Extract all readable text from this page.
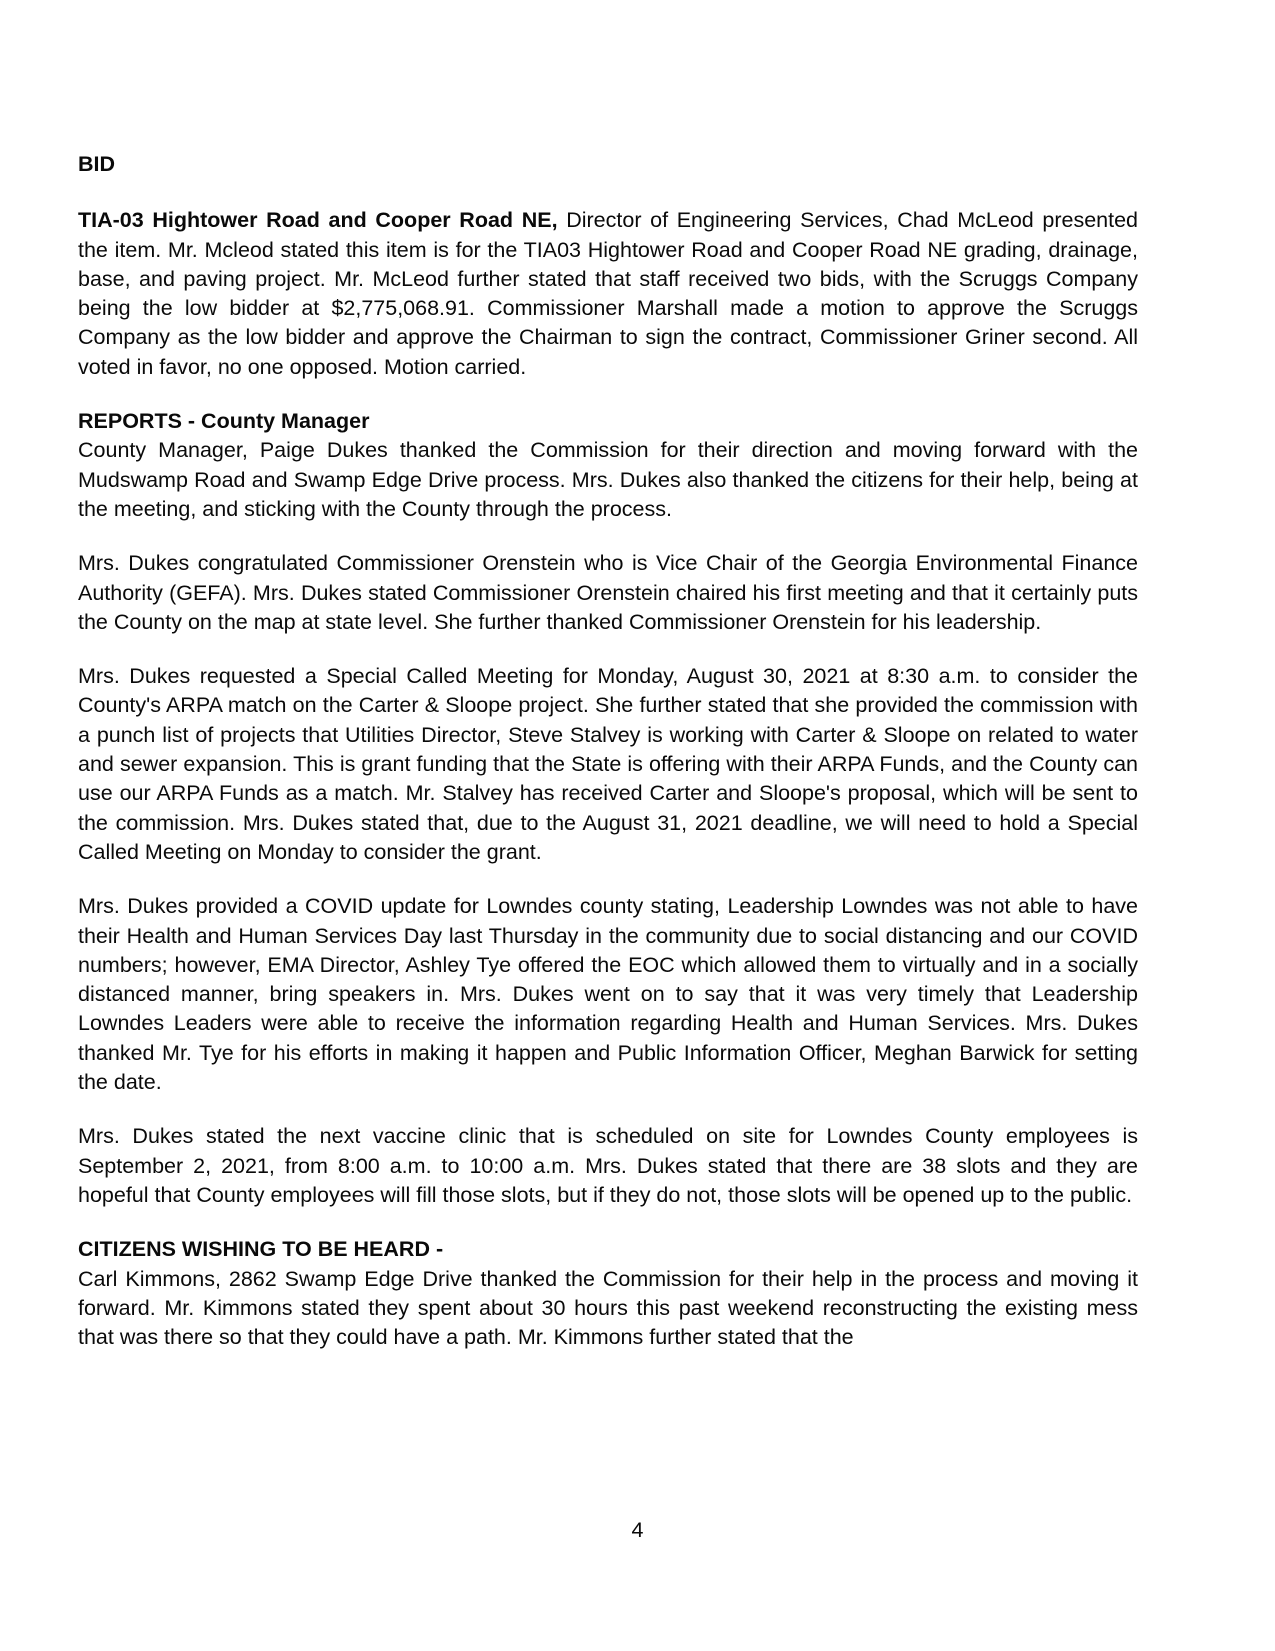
BID

TIA-03 Hightower Road and Cooper Road NE, Director of Engineering Services, Chad McLeod presented the item. Mr. Mcleod stated this item is for the TIA03 Hightower Road and Cooper Road NE grading, drainage, base, and paving project. Mr. McLeod further stated that staff received two bids, with the Scruggs Company being the low bidder at $2,775,068.91. Commissioner Marshall made a motion to approve the Scruggs Company as the low bidder and approve the Chairman to sign the contract, Commissioner Griner second. All voted in favor, no one opposed. Motion carried.

REPORTS - County Manager

County Manager, Paige Dukes thanked the Commission for their direction and moving forward with the Mudswamp Road and Swamp Edge Drive process. Mrs. Dukes also thanked the citizens for their help, being at the meeting, and sticking with the County through the process.

Mrs. Dukes congratulated Commissioner Orenstein who is Vice Chair of the Georgia Environmental Finance Authority (GEFA). Mrs. Dukes stated Commissioner Orenstein chaired his first meeting and that it certainly puts the County on the map at state level. She further thanked Commissioner Orenstein for his leadership.

Mrs. Dukes requested a Special Called Meeting for Monday, August 30, 2021 at 8:30 a.m. to consider the County's ARPA match on the Carter & Sloope project. She further stated that she provided the commission with a punch list of projects that Utilities Director, Steve Stalvey is working with Carter & Sloope on related to water and sewer expansion. This is grant funding that the State is offering with their ARPA Funds, and the County can use our ARPA Funds as a match. Mr. Stalvey has received Carter and Sloope's proposal, which will be sent to the commission. Mrs. Dukes stated that, due to the August 31, 2021 deadline, we will need to hold a Special Called Meeting on Monday to consider the grant.

Mrs. Dukes provided a COVID update for Lowndes county stating, Leadership Lowndes was not able to have their Health and Human Services Day last Thursday in the community due to social distancing and our COVID numbers; however, EMA Director, Ashley Tye offered the EOC which allowed them to virtually and in a socially distanced manner, bring speakers in. Mrs. Dukes went on to say that it was very timely that Leadership Lowndes Leaders were able to receive the information regarding Health and Human Services. Mrs. Dukes thanked Mr. Tye for his efforts in making it happen and Public Information Officer, Meghan Barwick for setting the date.

Mrs. Dukes stated the next vaccine clinic that is scheduled on site for Lowndes County employees is September 2, 2021, from 8:00 a.m. to 10:00 a.m. Mrs. Dukes stated that there are 38 slots and they are hopeful that County employees will fill those slots, but if they do not, those slots will be opened up to the public.

CITIZENS WISHING TO BE HEARD -

Carl Kimmons, 2862 Swamp Edge Drive thanked the Commission for their help in the process and moving it forward. Mr. Kimmons stated they spent about 30 hours this past weekend reconstructing the existing mess that was there so that they could have a path. Mr. Kimmons further stated that the

4
